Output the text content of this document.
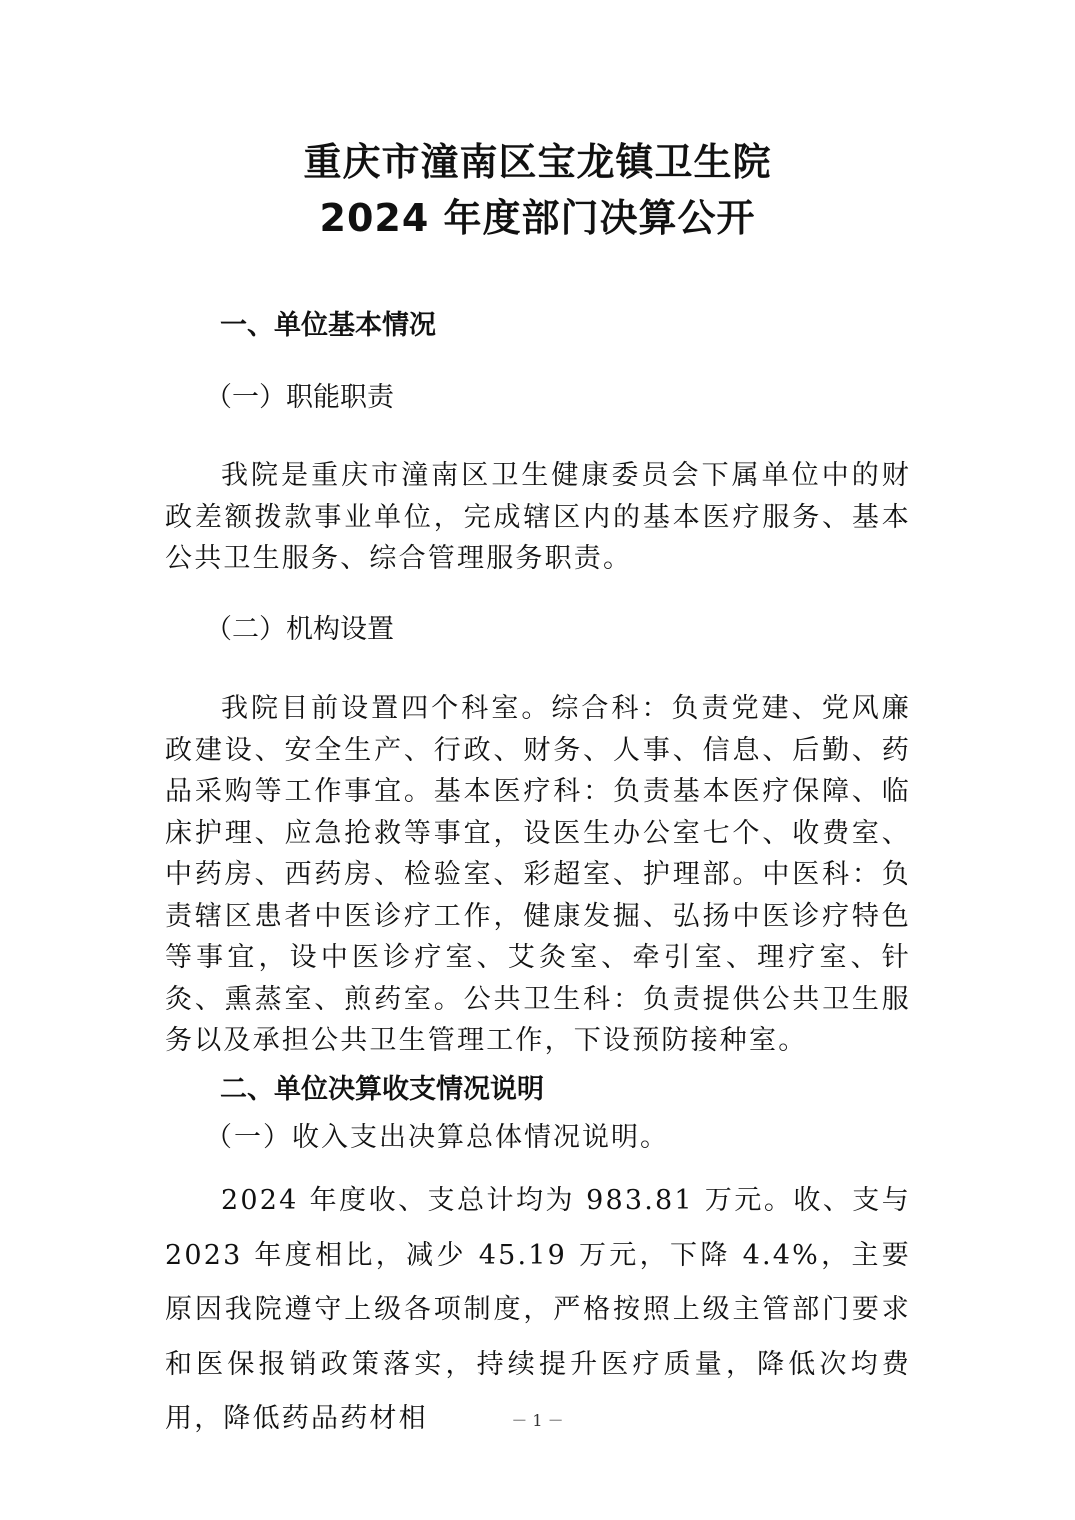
重庆市潼南区宝龙镇卫生院
2024 年度部门决算公开
一、单位基本情况
（一）职能职责

我院是重庆市潼南区卫生健康委员会下属单位中的财政差额拨款事业单位，完成辖区内的基本医疗服务、基本公共卫生服务、综合管理服务职责。

（二）机构设置

我院目前设置四个科室。综合科：负责党建、党风廉政建设、安全生产、行政、财务、人事、信息、后勤、药品采购等工作事宜。基本医疗科：负责基本医疗保障、临床护理、应急抢救等事宜，设医生办公室七个、收费室、中药房、西药房、检验室、彩超室、护理部。中医科：负责辖区患者中医诊疗工作，健康发掘、弘扬中医诊疗特色等事宜，设中医诊疗室、艾灸室、牵引室、理疗室、针灸、熏蒸室、煎药室。公共卫生科：负责提供公共卫生服务以及承担公共卫生管理工作，下设预防接种室。

二、单位决算收支情况说明
（一）收入支出决算总体情况说明。

2024 年度收、支总计均为 983.81 万元。收、支与 2023 年度相比，减少 45.19 万元，下降 4.4%，主要原因我院遵守上级各项制度，严格按照上级主管部门要求和医保报销政策落实，持续提升医疗质量，降低次均费用，降低药品药材相	－ 1 －
